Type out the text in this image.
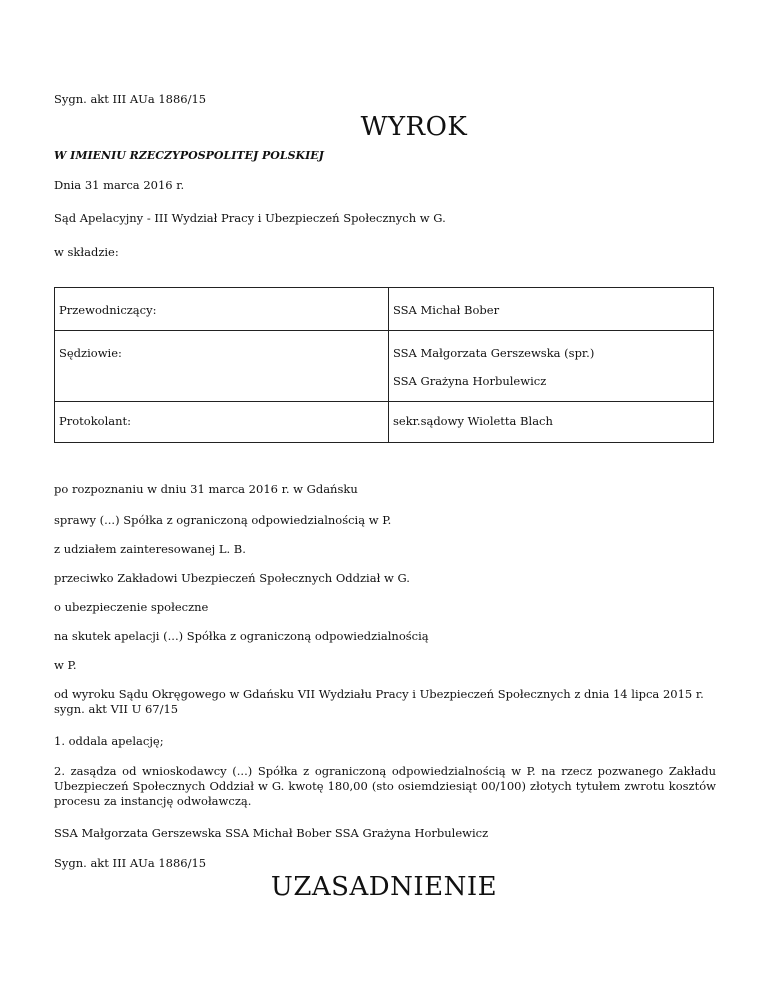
Sygn. akt III AUa 1886/15

WYROK

W IMIENIU RZECZYPOSPOLITEJ POLSKIEJ

Dnia 31 marca 2016 r.

Sąd Apelacyjny - III Wydział Pracy i Ubezpieczeń Społecznych w G.

w składzie:

Przewodniczący:	SSA Michał Bober

Sędziowie:	SSA Małgorzata Gerszewska (spr.)
SSA Grażyna Horbulewicz

Protokolant:	sekr.sądowy Wioletta Blach

po rozpoznaniu w dniu 31 marca 2016 r. w Gdańsku

sprawy (...) Spółka z ograniczoną odpowiedzialnością w P.

z udziałem zainteresowanej L. B.

przeciwko Zakładowi Ubezpieczeń Społecznych Oddział w G.

o ubezpieczenie społeczne

na skutek apelacji (...) Spółka z ograniczoną odpowiedzialnością

w P.

od wyroku Sądu Okręgowego w Gdańsku VII Wydziału Pracy i Ubezpieczeń Społecznych z dnia 14 lipca 2015 r. sygn. akt VII U 67/15

1. oddala apelację;

2. zasądza od wnioskodawcy (...) Spółka z ograniczoną odpowiedzialnością w P. na rzecz pozwanego Zakładu Ubezpieczeń Społecznych Oddział w G. kwotę 180,00 (sto osiemdziesiąt 00/100) złotych tytułem zwrotu kosztów procesu za instancję odwoławczą.

SSA Małgorzata Gerszewska SSA Michał Bober SSA Grażyna Horbulewicz

Sygn. akt III AUa 1886/15

UZASADNIENIE
